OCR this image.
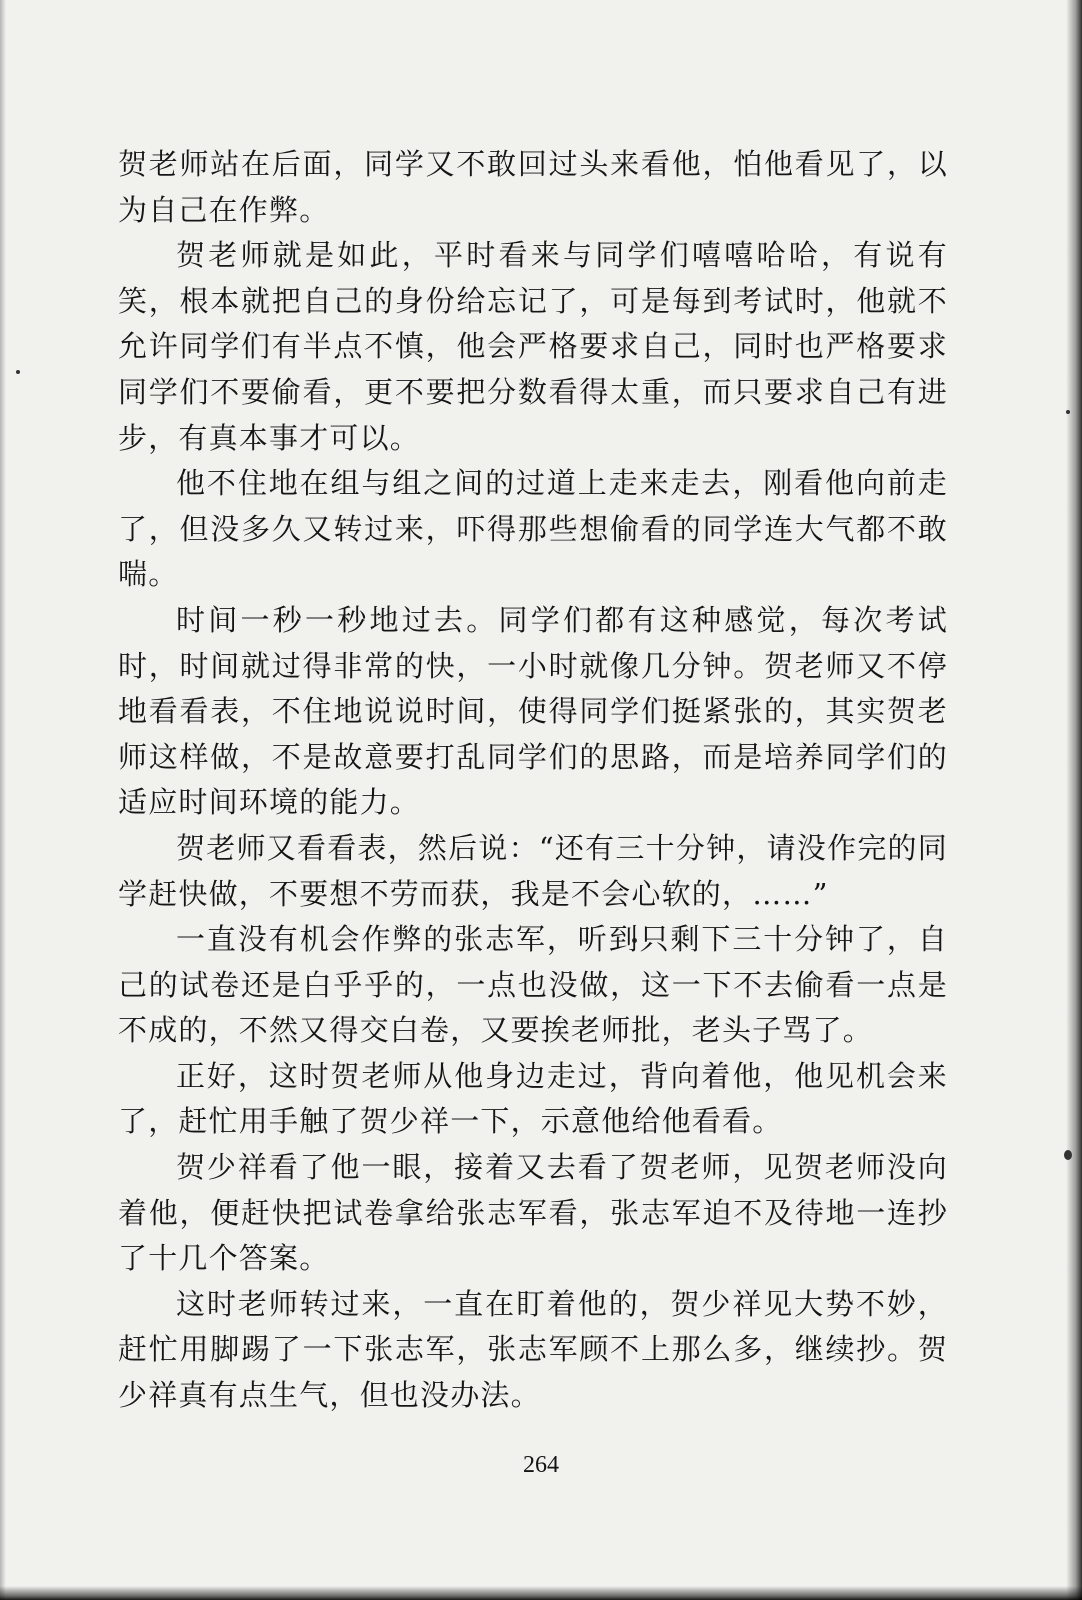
贺老师站在后面，同学又不敢回过头来看他，怕他看见了，以为自己在作弊。

贺老师就是如此，平时看来与同学们嘻嘻哈哈，有说有笑，根本就把自己的身份给忘记了，可是每到考试时，他就不允许同学们有半点不慎，他会严格要求自己，同时也严格要求同学们不要偷看，更不要把分数看得太重，而只要求自己有进步，有真本事才可以。

他不住地在组与组之间的过道上走来走去，刚看他向前走了，但没多久又转过来，吓得那些想偷看的同学连大气都不敢喘。

时间一秒一秒地过去。同学们都有这种感觉，每次考试时，时间就过得非常的快，一小时就像几分钟。贺老师又不停地看看表，不住地说说时间，使得同学们挺紧张的，其实贺老师这样做，不是故意要打乱同学们的思路，而是培养同学们的适应时间环境的能力。

贺老师又看看表，然后说：“还有三十分钟，请没作完的同学赶快做，不要想不劳而获，我是不会心软的，……”

一直没有机会作弊的张志军，听到只剩下三十分钟了，自己的试卷还是白乎乎的，一点也没做，这一下不去偷看一点是不成的，不然又得交白卷，又要挨老师批，老头子骂了。

正好，这时贺老师从他身边走过，背向着他，他见机会来了，赶忙用手触了贺少祥一下，示意他给他看看。

贺少祥看了他一眼，接着又去看了贺老师，见贺老师没向着他，便赶快把试卷拿给张志军看，张志军迫不及待地一连抄了十几个答案。

这时老师转过来，一直在盯着他的，贺少祥见大势不妙，赶忙用脚踢了一下张志军，张志军顾不上那么多，继续抄。贺少祥真有点生气，但也没办法。

264
